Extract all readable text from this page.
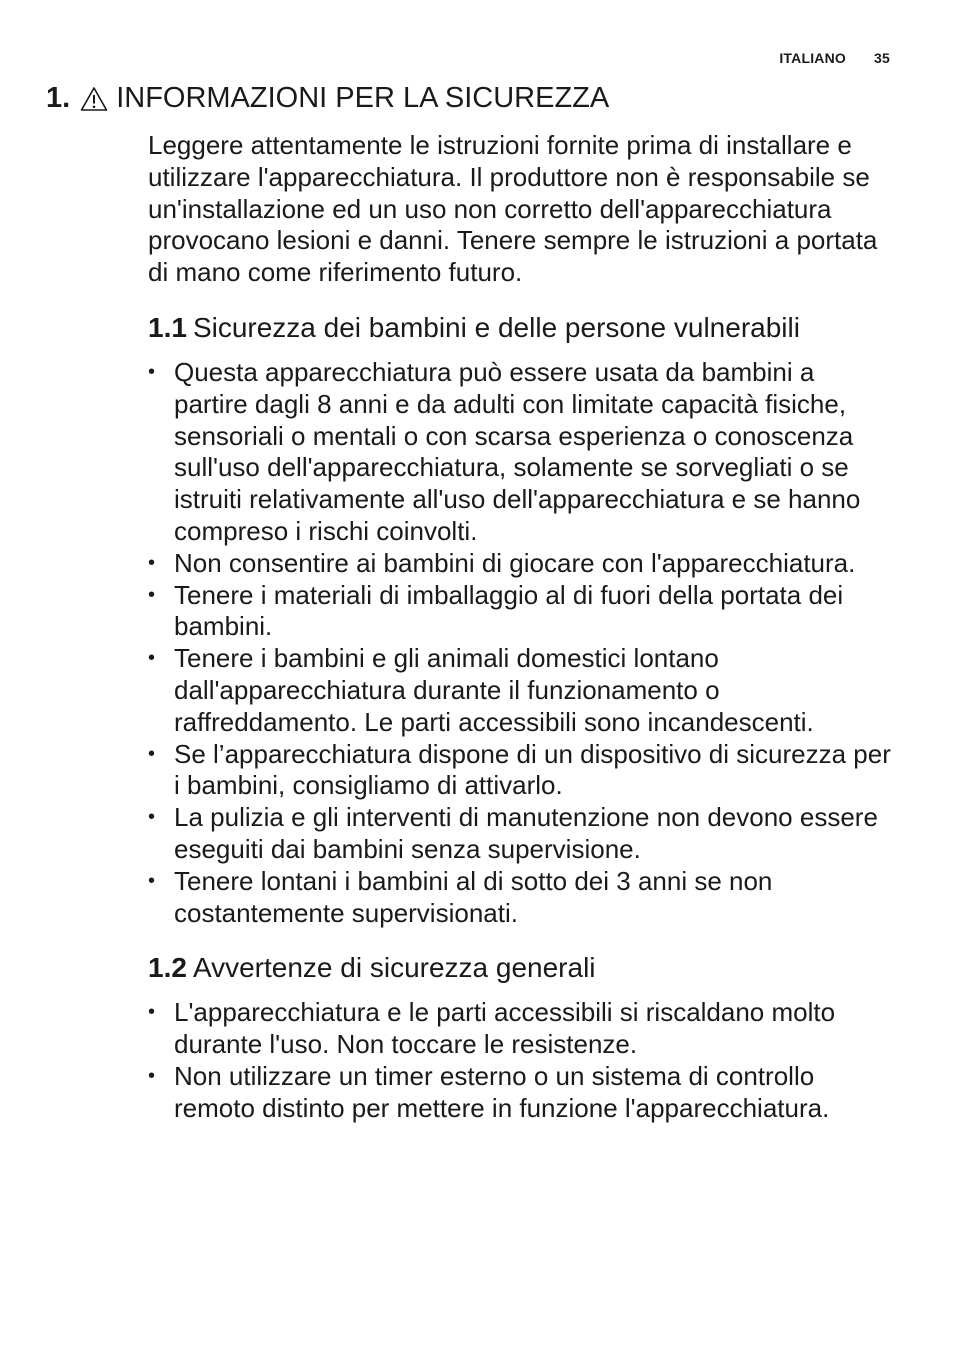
ITALIANO 35
1. INFORMAZIONI PER LA SICUREZZA

Leggere attentamente le istruzioni fornite prima di installare e utilizzare l'apparecchiatura. Il produttore non è responsabile se un'installazione ed un uso non corretto dell'apparecchiatura provocano lesioni e danni. Tenere sempre le istruzioni a portata di mano come riferimento futuro.

1.1 Sicurezza dei bambini e delle persone vulnerabili
• Questa apparecchiatura può essere usata da bambini a partire dagli 8 anni e da adulti con limitate capacità fisiche, sensoriali o mentali o con scarsa esperienza o conoscenza sull'uso dell'apparecchiatura, solamente se sorvegliati o se istruiti relativamente all'uso dell'apparecchiatura e se hanno compreso i rischi coinvolti.
• Non consentire ai bambini di giocare con l'apparecchiatura.
• Tenere i materiali di imballaggio al di fuori della portata dei bambini.
• Tenere i bambini e gli animali domestici lontano dall'apparecchiatura durante il funzionamento o raffreddamento. Le parti accessibili sono incandescenti.
• Se l’apparecchiatura dispone di un dispositivo di sicurezza per i bambini, consigliamo di attivarlo.
• La pulizia e gli interventi di manutenzione non devono essere eseguiti dai bambini senza supervisione.
• Tenere lontani i bambini al di sotto dei 3 anni se non costantemente supervisionati.
1.2 Avvertenze di sicurezza generali
• L'apparecchiatura e le parti accessibili si riscaldano molto durante l'uso. Non toccare le resistenze.
• Non utilizzare un timer esterno o un sistema di controllo remoto distinto per mettere in funzione l'apparecchiatura.
